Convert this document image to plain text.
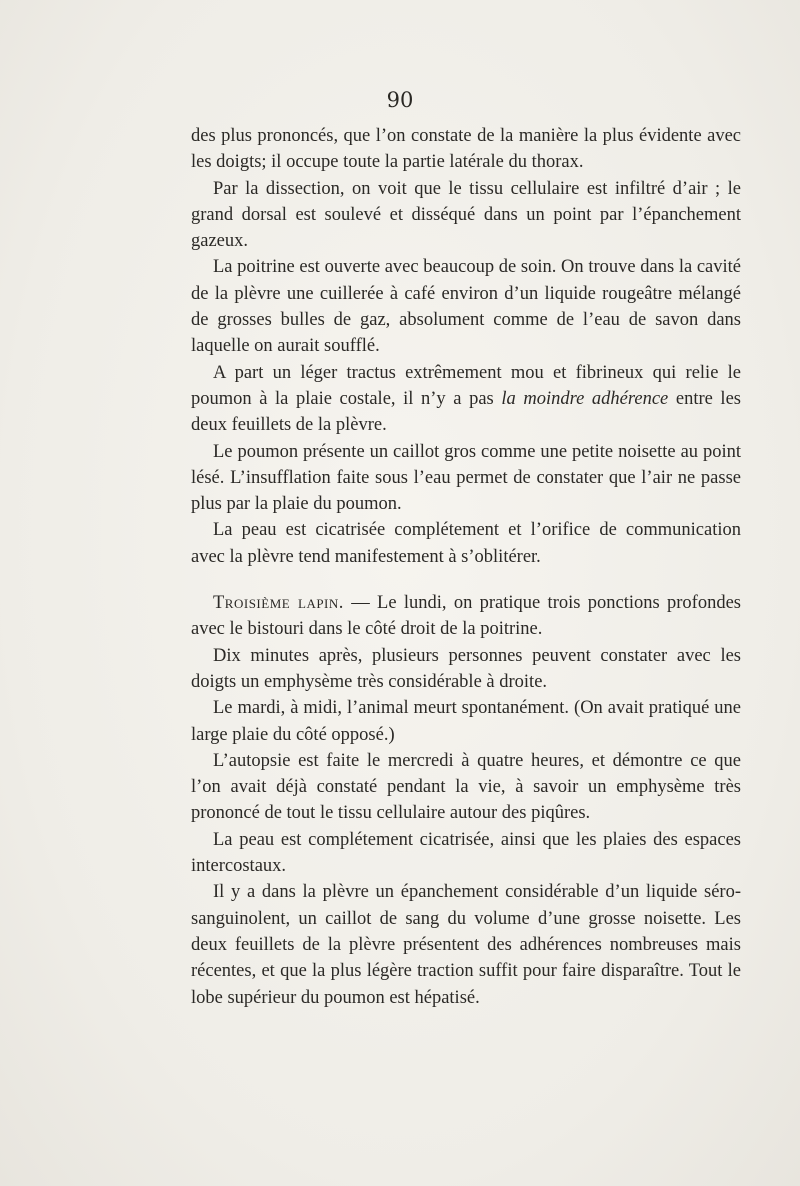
90

des plus prononcés, que l’on constate de la manière la plus évidente avec les doigts; il occupe toute la partie latérale du thorax.

Par la dissection, on voit que le tissu cellulaire est infiltré d’air ; le grand dorsal est soulevé et disséqué dans un point par l’épanchement gazeux.

La poitrine est ouverte avec beaucoup de soin. On trouve dans la cavité de la plèvre une cuillerée à café environ d’un liquide rougeâtre mélangé de grosses bulles de gaz, absolument comme de l’eau de savon dans laquelle on aurait soufflé.

A part un léger tractus extrêmement mou et fibrineux qui relie le poumon à la plaie costale, il n’y a pas la moindre adhérence entre les deux feuillets de la plèvre.

Le poumon présente un caillot gros comme une petite noisette au point lésé. L’insufflation faite sous l’eau permet de constater que l’air ne passe plus par la plaie du poumon.

La peau est cicatrisée complétement et l’orifice de communication avec la plèvre tend manifestement à s’oblitérer.

Troisième lapin. — Le lundi, on pratique trois ponctions profondes avec le bistouri dans le côté droit de la poitrine.

Dix minutes après, plusieurs personnes peuvent constater avec les doigts un emphysème très considérable à droite.

Le mardi, à midi, l’animal meurt spontanément. (On avait pratiqué une large plaie du côté opposé.)

L’autopsie est faite le mercredi à quatre heures, et démontre ce que l’on avait déjà constaté pendant la vie, à savoir un emphysème très prononcé de tout le tissu cellulaire autour des piqûres.

La peau est complétement cicatrisée, ainsi que les plaies des espaces intercostaux.

Il y a dans la plèvre un épanchement considérable d’un liquide séro-sanguinolent, un caillot de sang du volume d’une grosse noisette. Les deux feuillets de la plèvre présentent des adhérences nombreuses mais récentes, et que la plus légère traction suffit pour faire disparaître. Tout le lobe supérieur du poumon est hépatisé.
